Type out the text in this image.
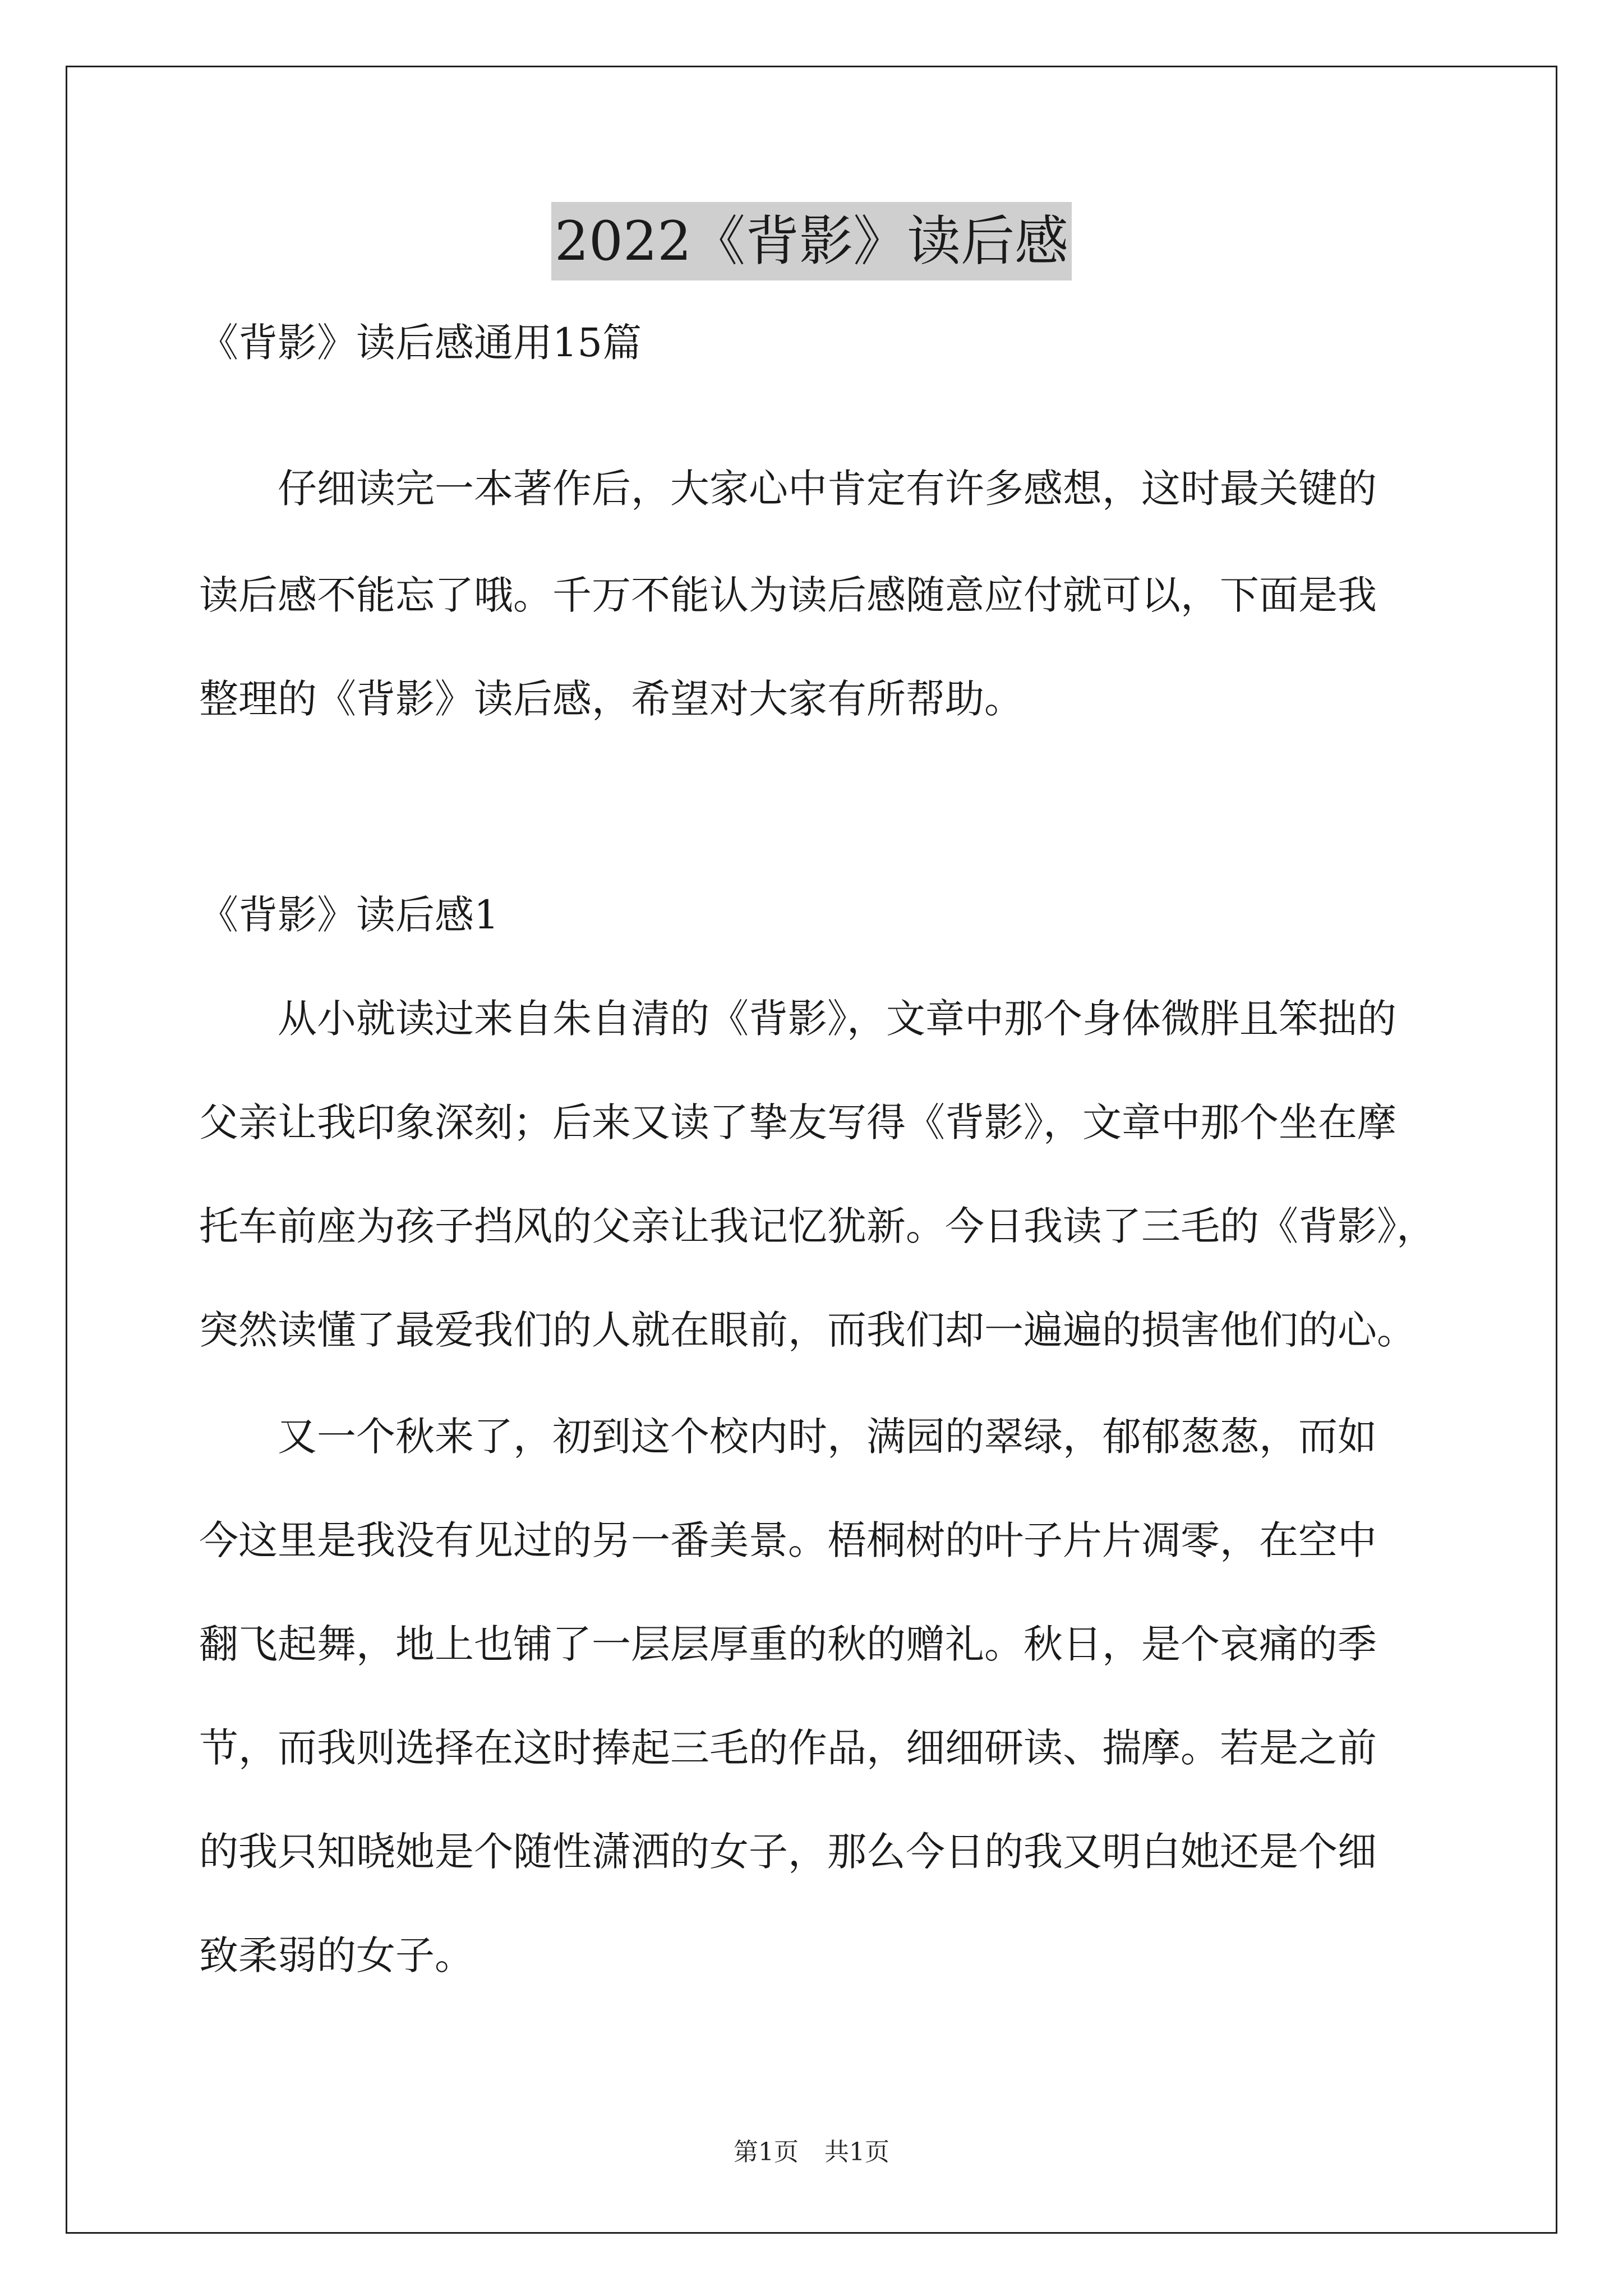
2022《背影》读后感
《背影》读后感通用15篇
仔细读完一本著作后，大家心中肯定有许多感想，这时最关键的
读后感不能忘了哦。千万不能认为读后感随意应付就可以，下面是我
整理的《背影》读后感，希望对大家有所帮助。
《背影》读后感1
从小就读过来自朱自清的《背影》，文章中那个身体微胖且笨拙的
父亲让我印象深刻；后来又读了挚友写得《背影》，文章中那个坐在摩
托车前座为孩子挡风的父亲让我记忆犹新。今日我读了三毛的《背影》，
突然读懂了最爱我们的人就在眼前，而我们却一遍遍的损害他们的心。
又一个秋来了，初到这个校内时，满园的翠绿，郁郁葱葱，而如
今这里是我没有见过的另一番美景。梧桐树的叶子片片凋零，在空中
翻飞起舞，地上也铺了一层层厚重的秋的赠礼。秋日，是个哀痛的季
节，而我则选择在这时捧起三毛的作品，细细研读、揣摩。若是之前
的我只知晓她是个随性潇洒的女子，那么今日的我又明白她还是个细
致柔弱的女子。
第1页 共1页
